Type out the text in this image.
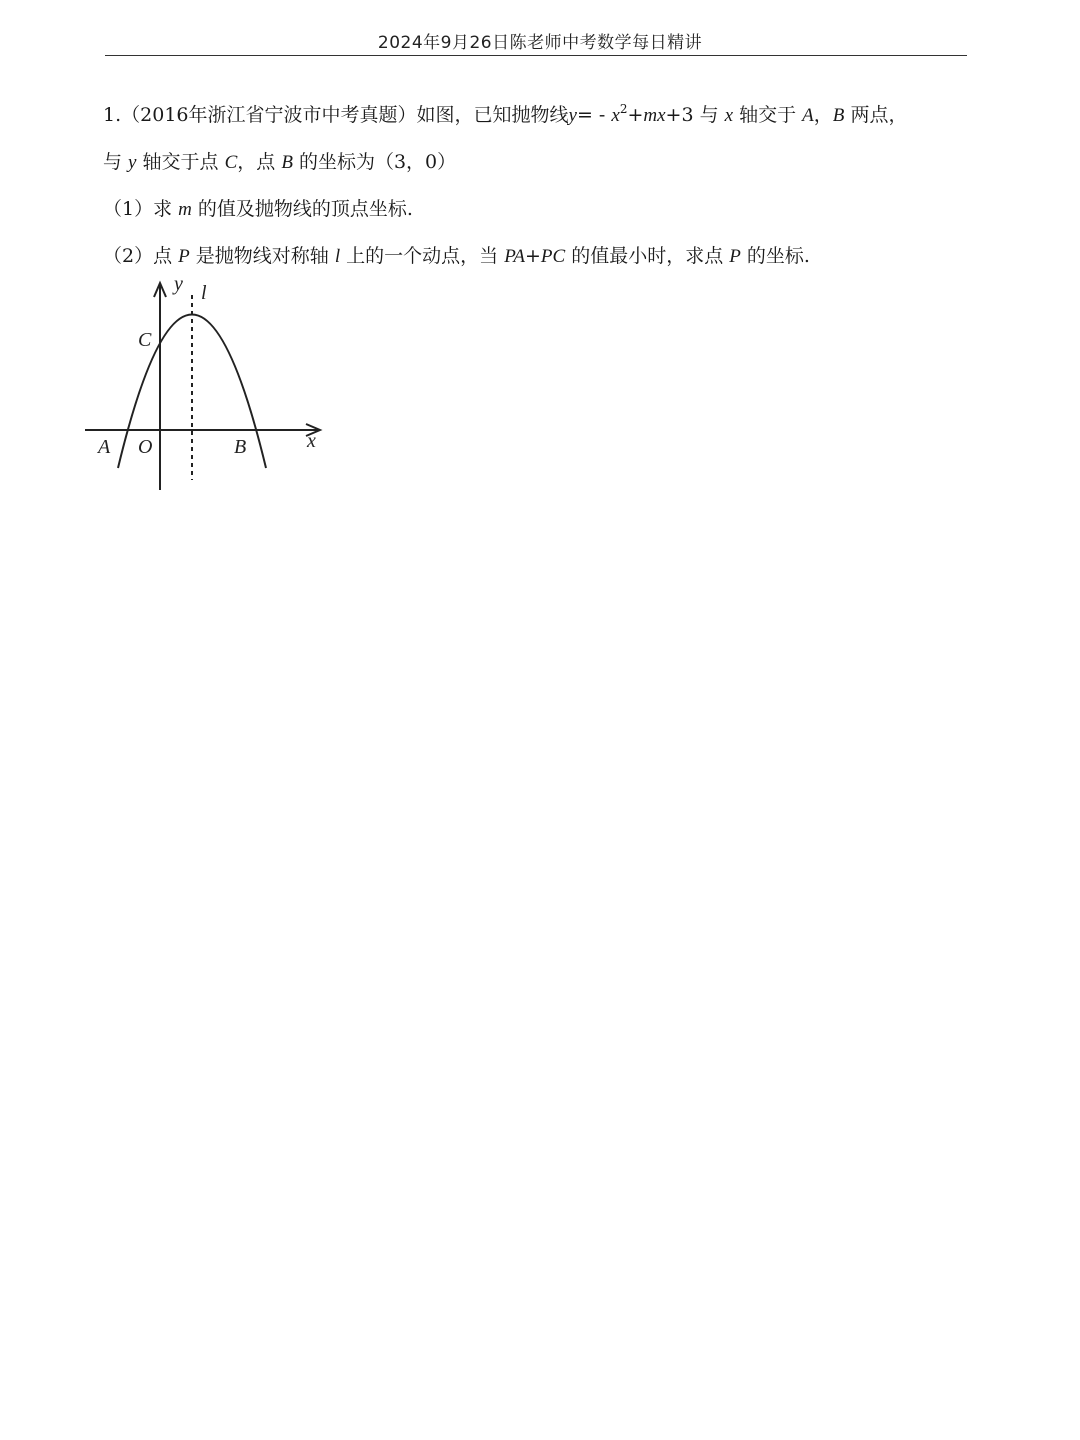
2024年9月26日陈老师中考数学每日精讲
1.（2016年浙江省宁波市中考真题）如图，已知抛物线$y= - x^2+mx+3$ 与 x 轴交于 A，B 两点，
与 y 轴交于点 C，点 B 的坐标为（3，0）
（1）求 m 的值及抛物线的顶点坐标.
（2）点 P 是抛物线对称轴 l 上的一个动点，当 PA+PC 的值最小时，求点 P 的坐标.
y l
C
A O	B	x
